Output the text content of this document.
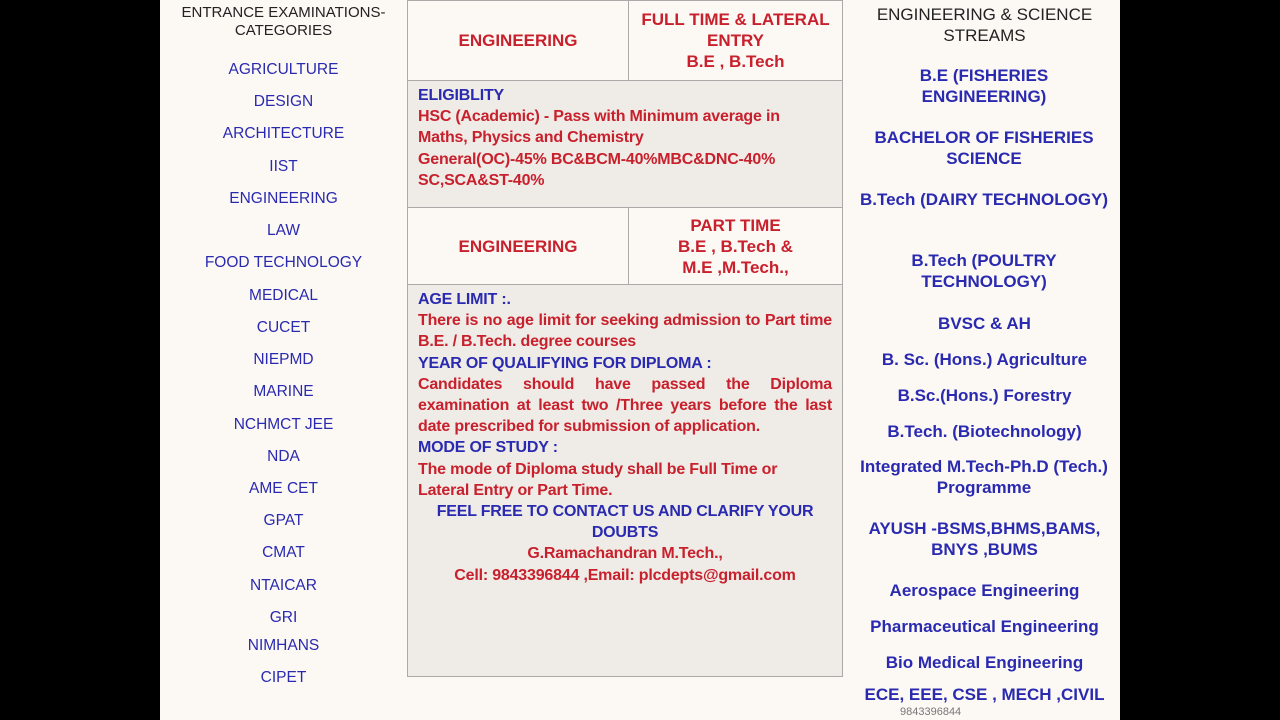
ENTRANCE EXAMINATIONS-CATEGORIES
AGRICULTURE
DESIGN
ARCHITECTURE
IIST
ENGINEERING
LAW
FOOD TECHNOLOGY
MEDICAL
CUCET
NIEPMD
MARINE
NCHMCT JEE
NDA
AME CET
GPAT
CMAT
NTAICAR
GRI
NIMHANS
CIPET
ENGINEERING
FULL TIME & LATERAL ENTRY
B.E , B.Tech
ELIGIBLITY
HSC (Academic) - Pass with Minimum average in Maths, Physics and Chemistry
General(OC)-45% BC&BCM-40%MBC&DNC-40% SC,SCA&ST-40%
ENGINEERING
PART TIME
B.E , B.Tech &
M.E ,M.Tech.,
AGE LIMIT :.
There is no age limit for seeking admission to Part time B.E. / B.Tech. degree courses
YEAR OF QUALIFYING FOR DIPLOMA :
Candidates should have passed the Diploma examination at least two /Three years before the last date prescribed for submission of application.
MODE OF STUDY :
The mode of Diploma study shall be Full Time or Lateral Entry or Part Time.
FEEL FREE TO CONTACT US AND CLARIFY YOUR DOUBTS
G.Ramachandran M.Tech.,
Cell: 9843396844 ,Email: plcdepts@gmail.com
ENGINEERING & SCIENCE STREAMS
B.E (FISHERIES ENGINEERING)
BACHELOR OF FISHERIES SCIENCE
B.Tech (DAIRY TECHNOLOGY)
B.Tech (POULTRY TECHNOLOGY)
BVSC & AH
B. Sc. (Hons.) Agriculture
B.Sc.(Hons.) Forestry
B.Tech. (Biotechnology)
Integrated M.Tech-Ph.D (Tech.) Programme
AYUSH -BSMS,BHMS,BAMS, BNYS ,BUMS
Aerospace Engineering
Pharmaceutical Engineering
Bio Medical Engineering
ECE, EEE, CSE , MECH ,CIVIL
9843396844
